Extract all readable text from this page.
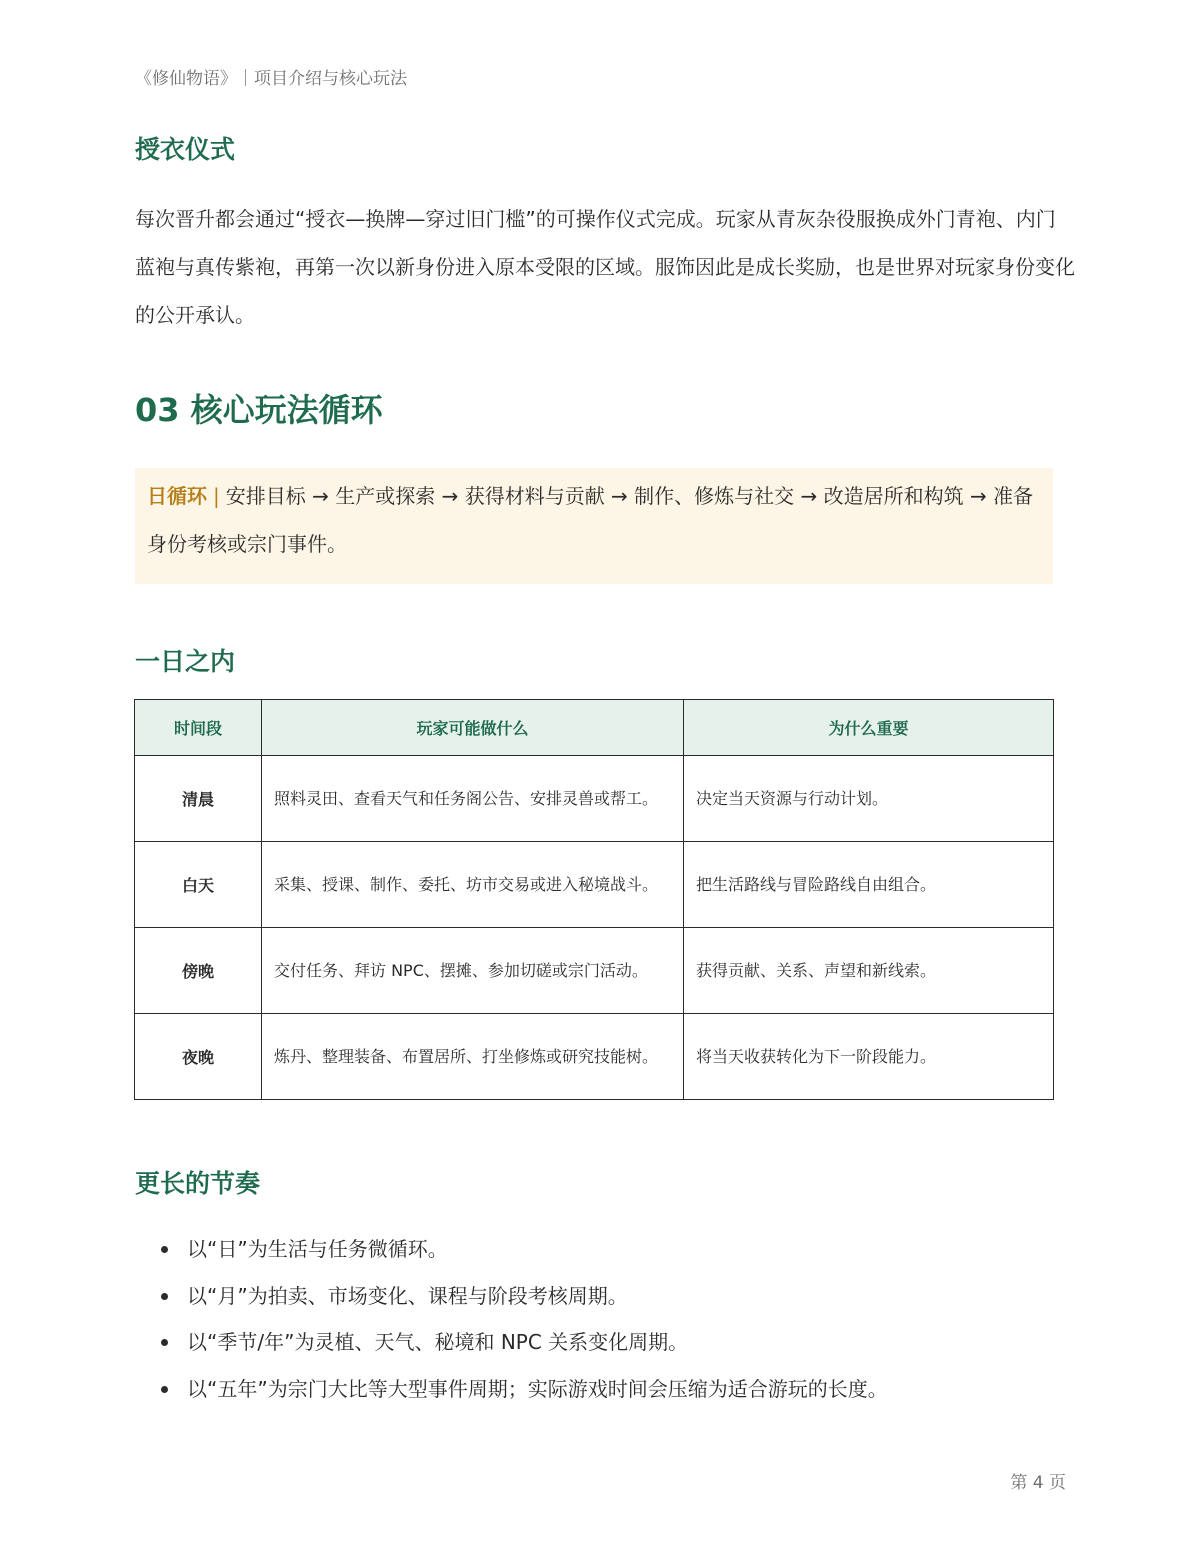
《修仙物语》｜项目介绍与核心玩法
授衣仪式

每次晋升都会通过“授衣—换牌—穿过旧门槛”的可操作仪式完成。玩家从青灰杂役服换成外门青袍、内门蓝袍与真传紫袍，再第一次以新身份进入原本受限的区域。服饰因此是成长奖励，也是世界对玩家身份变化的公开承认。

03 核心玩法循环
日循环 | 安排目标 → 生产或探索 → 获得材料与贡献 → 制作、修炼与社交 → 改造居所和构筑 → 准备身份考核或宗门事件。
一日之内
时间段	玩家可能做什么	为什么重要
清晨	照料灵田、查看天气和任务阁公告、安排灵兽或帮工。	决定当天资源与行动计划。
白天	采集、授课、制作、委托、坊市交易或进入秘境战斗。	把生活路线与冒险路线自由组合。
傍晚	交付任务、拜访 NPC、摆摊、参加切磋或宗门活动。	获得贡献、关系、声望和新线索。
夜晚	炼丹、整理装备、布置居所、打坐修炼或研究技能树。	将当天收获转化为下一阶段能力。
更长的节奏
以“日”为生活与任务微循环。
以“月”为拍卖、市场变化、课程与阶段考核周期。
以“季节/年”为灵植、天气、秘境和 NPC 关系变化周期。
以“五年”为宗门大比等大型事件周期；实际游戏时间会压缩为适合游玩的长度。
第 4 页
